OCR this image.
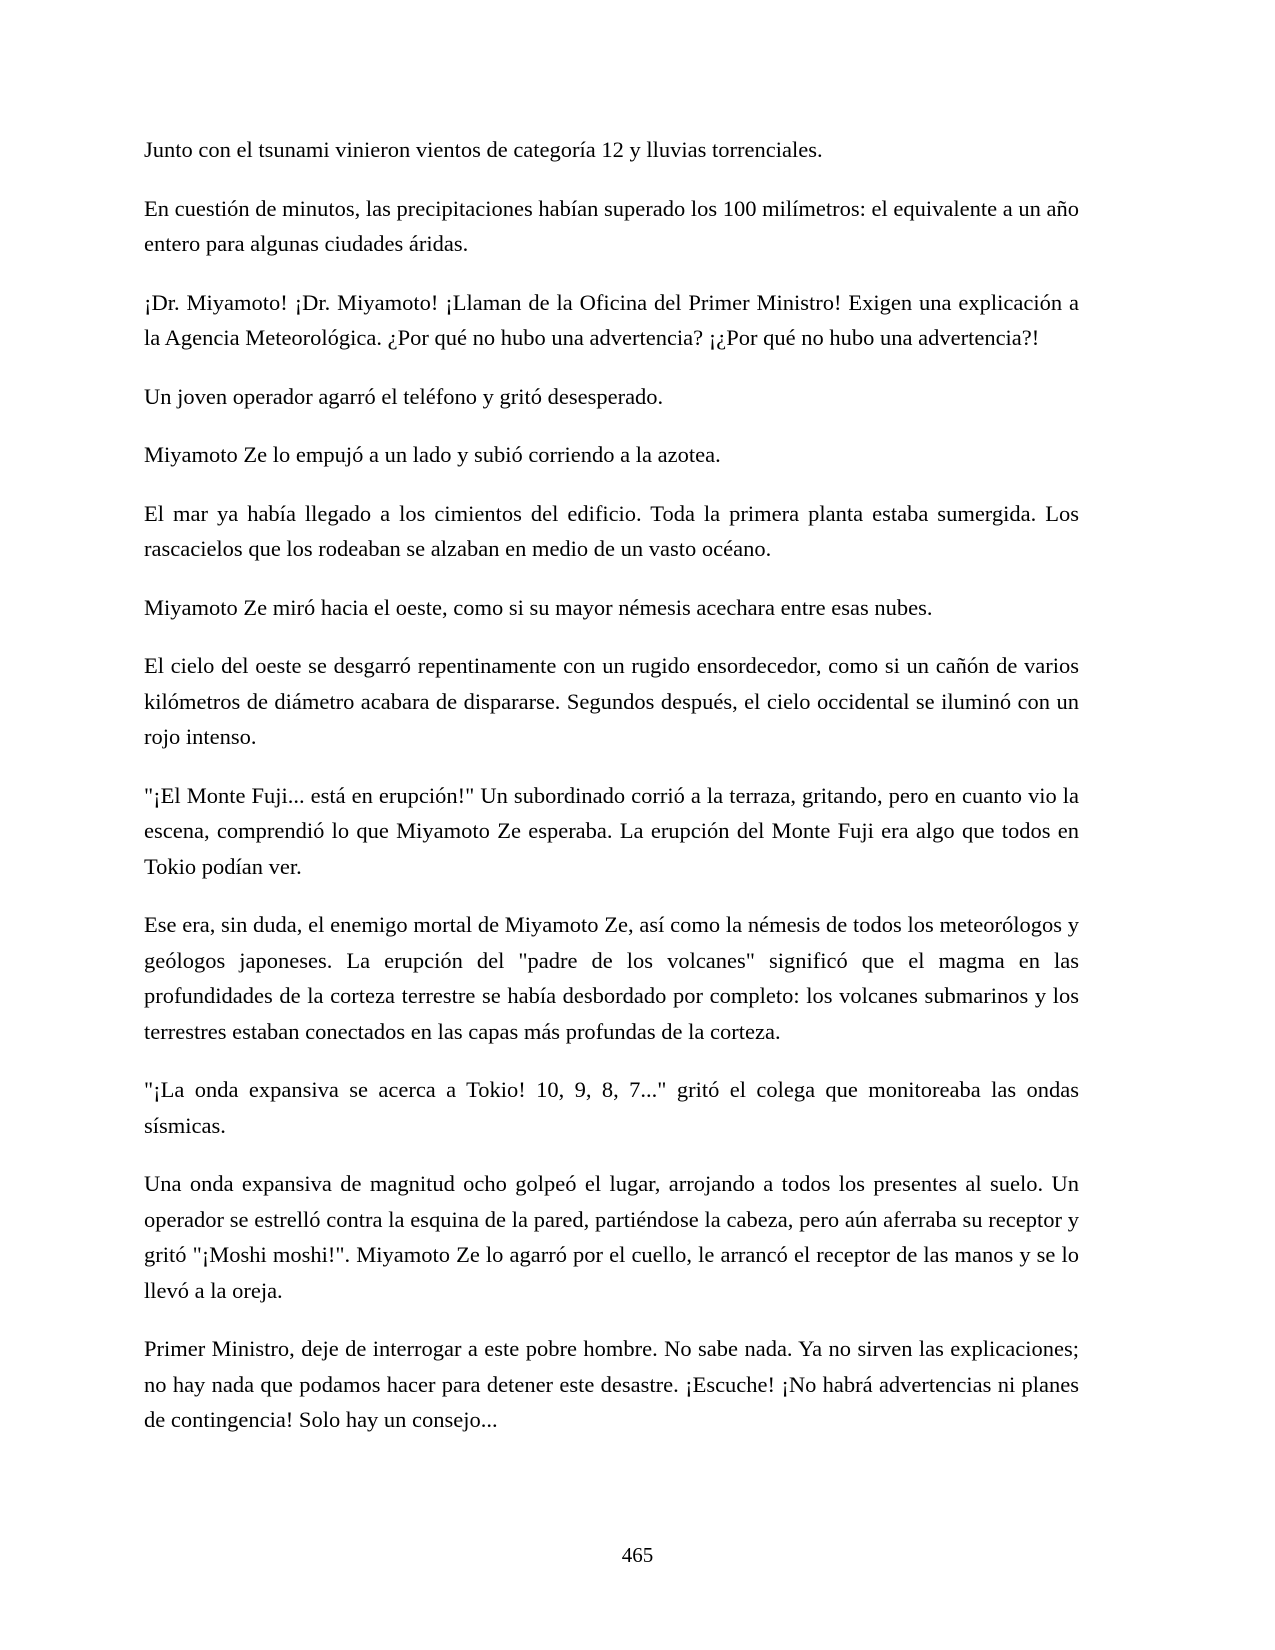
Junto con el tsunami vinieron vientos de categoría 12 y lluvias torrenciales.

En cuestión de minutos, las precipitaciones habían superado los 100 milímetros: el equivalente a un año entero para algunas ciudades áridas.

¡Dr. Miyamoto! ¡Dr. Miyamoto! ¡Llaman de la Oficina del Primer Ministro! Exigen una explicación a la Agencia Meteorológica. ¿Por qué no hubo una advertencia? ¡¿Por qué no hubo una advertencia?!

Un joven operador agarró el teléfono y gritó desesperado.

Miyamoto Ze lo empujó a un lado y subió corriendo a la azotea.

El mar ya había llegado a los cimientos del edificio. Toda la primera planta estaba sumergida. Los rascacielos que los rodeaban se alzaban en medio de un vasto océano.

Miyamoto Ze miró hacia el oeste, como si su mayor némesis acechara entre esas nubes.

El cielo del oeste se desgarró repentinamente con un rugido ensordecedor, como si un cañón de varios kilómetros de diámetro acabara de dispararse. Segundos después, el cielo occidental se iluminó con un rojo intenso.

"¡El Monte Fuji... está en erupción!" Un subordinado corrió a la terraza, gritando, pero en cuanto vio la escena, comprendió lo que Miyamoto Ze esperaba. La erupción del Monte Fuji era algo que todos en Tokio podían ver.

Ese era, sin duda, el enemigo mortal de Miyamoto Ze, así como la némesis de todos los meteorólogos y geólogos japoneses. La erupción del "padre de los volcanes" significó que el magma en las profundidades de la corteza terrestre se había desbordado por completo: los volcanes submarinos y los terrestres estaban conectados en las capas más profundas de la corteza.

"¡La onda expansiva se acerca a Tokio! 10, 9, 8, 7..." gritó el colega que monitoreaba las ondas sísmicas.

Una onda expansiva de magnitud ocho golpeó el lugar, arrojando a todos los presentes al suelo. Un operador se estrelló contra la esquina de la pared, partiéndose la cabeza, pero aún aferraba su receptor y gritó "¡Moshi moshi!". Miyamoto Ze lo agarró por el cuello, le arrancó el receptor de las manos y se lo llevó a la oreja.

Primer Ministro, deje de interrogar a este pobre hombre. No sabe nada. Ya no sirven las explicaciones; no hay nada que podamos hacer para detener este desastre. ¡Escuche! ¡No habrá advertencias ni planes de contingencia! Solo hay un consejo...

465
